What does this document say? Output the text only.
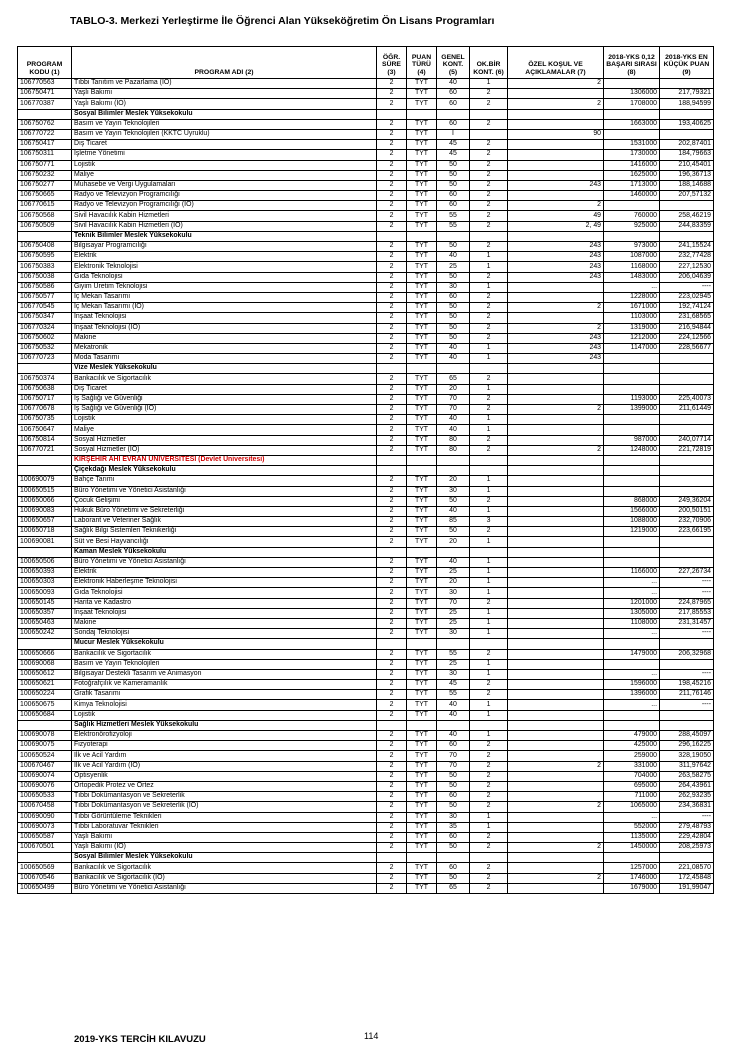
TABLO-3. Merkezi Yerleştirme İle Öğrenci Alan Yükseköğretim Ön Lisans Programları
PROGRAM KODU (1)	PROGRAM ADI (2)	ÖĞR. SÜRE (3)	PUAN TÜRÜ (4)	GENEL KONT. (5)	OK.BİR KONT. (6)	ÖZEL KOŞUL VE AÇIKLAMALAR (7)	2018-YKS 0,12 BAŞARI SIRASI (8)	2018-YKS EN KÜÇÜK PUAN (9)
106770563	Tıbbi Tanıtım ve Pazarlama (İÖ)	2	TYT	40	1	2		
106750471	Yaşlı Bakımı	2	TYT	60	2		1306000	217,79321
106770387	Yaşlı Bakımı (İÖ)	2	TYT	60	2	2	1708000	188,94599
	Sosyal Bilimler Meslek Yüksekokulu							
106750762	Basım ve Yayın Teknolojileri	2	TYT	60	2		1663000	193,40625
106770722	Basım ve Yayın Teknolojileri (KKTC Uyruklu)	2	TYT	I		90		
106750417	Dış Ticaret	2	TYT	45	2		1531000	202,87401
106750311	İşletme Yönetimi	2	TYT	45	2		1730000	184,79663
106750771	Lojistik	2	TYT	50	2		1416000	210,45401
106750232	Maliye	2	TYT	50	2		1625000	196,36713
106750277	Muhasebe ve Vergi Uygulamaları	2	TYT	50	2	243	1713000	188,14688
106750665	Radyo ve Televizyon Programcılığı	2	TYT	60	2		1460000	207,57132
106770615	Radyo ve Televizyon Programcılığı (İÖ)	2	TYT	60	2	2		
106750568	Sivil Havacılık Kabin Hizmetleri	2	TYT	55	2	49	760000	258,46219
106750509	Sivil Havacılık Kabin Hizmetleri (İÖ)	2	TYT	55	2	2, 49	925000	244,83359
	Teknik Bilimler Meslek Yüksekokulu							
106750408	Bilgisayar Programcılığı	2	TYT	50	2	243	973000	241,15524
106750595	Elektrik	2	TYT	40	1	243	1087000	232,77428
106750383	Elektronik Teknolojisi	2	TYT	25	1	243	1168000	227,12530
106750038	Gıda Teknolojisi	2	TYT	50	2	243	1483000	206,04639
106750586	Giyim Üretim Teknolojisi	2	TYT	30	1		...	----
106750577	İç Mekan Tasarımı	2	TYT	60	2		1228000	223,02945
106770545	İç Mekan Tasarımı (İÖ)	2	TYT	50	2	2	1671000	192,74124
106750347	İnşaat Teknolojisi	2	TYT	50	2		1103000	231,68565
106770324	İnşaat Teknolojisi (İÖ)	2	TYT	50	2	2	1319000	216,94844
106750602	Makine	2	TYT	50	2	243	1212000	224,12566
106750532	Mekatronik	2	TYT	40	1	243	1147000	228,56677
106770723	Moda Tasarımı	2	TYT	40	1	243		
	Vize Meslek Yüksekokulu							
106750374	Bankacılık ve Sigortacılık	2	TYT	65	2			
106750638	Dış Ticaret	2	TYT	20	1			
106750717	İş Sağlığı ve Güvenliği	2	TYT	70	2		1193000	225,40073
106770678	İş Sağlığı ve Güvenliği (İÖ)	2	TYT	70	2	2	1399000	211,61449
106750735	Lojistik	2	TYT	40	1			
106750647	Maliye	2	TYT	40	1			
106750814	Sosyal Hizmetler	2	TYT	80	2		987000	240,07714
106770721	Sosyal Hizmetler (İÖ)	2	TYT	80	2	2	1248000	221,72819
	KIRŞEHİR AHİ EVRAN ÜNİVERSİTESİ (Devlet Üniversitesi)							
	Çiçekdağı Meslek Yüksekokulu							
100690079	Bahçe Tarımı	2	TYT	20	1			
100650515	Büro Yönetimi ve Yönetici Asistanlığı	2	TYT	30	1			
100650066	Çocuk Gelişimi	2	TYT	50	2		868000	249,36204
100690083	Hukuk Büro Yönetimi ve Sekreterliği	2	TYT	40	1		1566000	200,50151
100650657	Laborant ve Veteriner Sağlık	2	TYT	85	3		1088000	232,70906
100650718	Sağlık Bilgi Sistemleri Teknikerliği	2	TYT	50	2		1219000	223,66195
100690081	Süt ve Besi Hayvancılığı	2	TYT	20	1			
	Kaman Meslek Yüksekokulu							
100650506	Büro Yönetimi ve Yönetici Asistanlığı	2	TYT	40	1			
100650393	Elektrik	2	TYT	25	1		1166000	227,26734
100650303	Elektronik Haberleşme Teknolojisi	2	TYT	20	1		...	----
100650093	Gıda Teknolojisi	2	TYT	30	1		...	----
100650145	Harita ve Kadastro	2	TYT	70	2		1201000	224,87965
100650357	İnşaat Teknolojisi	2	TYT	25	1		1305000	217,85553
100650463	Makine	2	TYT	25	1		1108000	231,31457
100650242	Sondaj Teknolojisi	2	TYT	30	1		...	----
	Mucur Meslek Yüksekokulu							
100650666	Bankacılık ve Sigortacılık	2	TYT	55	2		1479000	206,32968
100690068	Basım ve Yayın Teknolojileri	2	TYT	25	1			
100650612	Bilgisayar Destekli Tasarım ve Animasyon	2	TYT	30	1		...	----
100650621	Fotoğrafçılık ve Kameramanlık	2	TYT	45	2		1596000	198,45216
100650224	Grafik Tasarımı	2	TYT	55	2		1396000	211,76146
100650675	Kimya Teknolojisi	2	TYT	40	1		...	----
100650684	Lojistik	2	TYT	40	1			
	Sağlık Hizmetleri Meslek Yüksekokulu							
100690078	Elektronörofizyoloji	2	TYT	40	1		479000	288,45097
100690075	Fizyoterapi	2	TYT	60	2		425000	296,16225
100650524	İlk ve Acil Yardım	2	TYT	70	2		259000	328,19050
100670467	İlk ve Acil Yardım (İÖ)	2	TYT	70	2	2	331000	311,97642
100690074	Optisyenlik	2	TYT	50	2		704000	263,58275
100690076	Ortopedik Protez ve Ortez	2	TYT	50	2		695000	264,43961
100650533	Tıbbi Dokümantasyon ve Sekreterlik	2	TYT	60	2		711000	262,93235
100670458	Tıbbi Dokümantasyon ve Sekreterlik (İÖ)	2	TYT	50	2	2	1065000	234,36831
100690090	Tıbbi Görüntüleme Teknikleri	2	TYT	30	1		...	----
100690073	Tıbbi Laboratuvar Teknikleri	2	TYT	35	1		552000	279,48793
100650587	Yaşlı Bakımı	2	TYT	60	2		1135000	229,42804
100670501	Yaşlı Bakımı (İÖ)	2	TYT	50	2	2	1450000	208,25973
	Sosyal Bilimler Meslek Yüksekokulu							
100650569	Bankacılık ve Sigortacılık	2	TYT	60	2		1257000	221,08570
100670546	Bankacılık ve Sigortacılık (İÖ)	2	TYT	50	2	2	1746000	172,45848
100650499	Büro Yönetimi ve Yönetici Asistanlığı	2	TYT	65	2		1679000	191,99047
2019-YKS TERCİH KILAVUZU	114
